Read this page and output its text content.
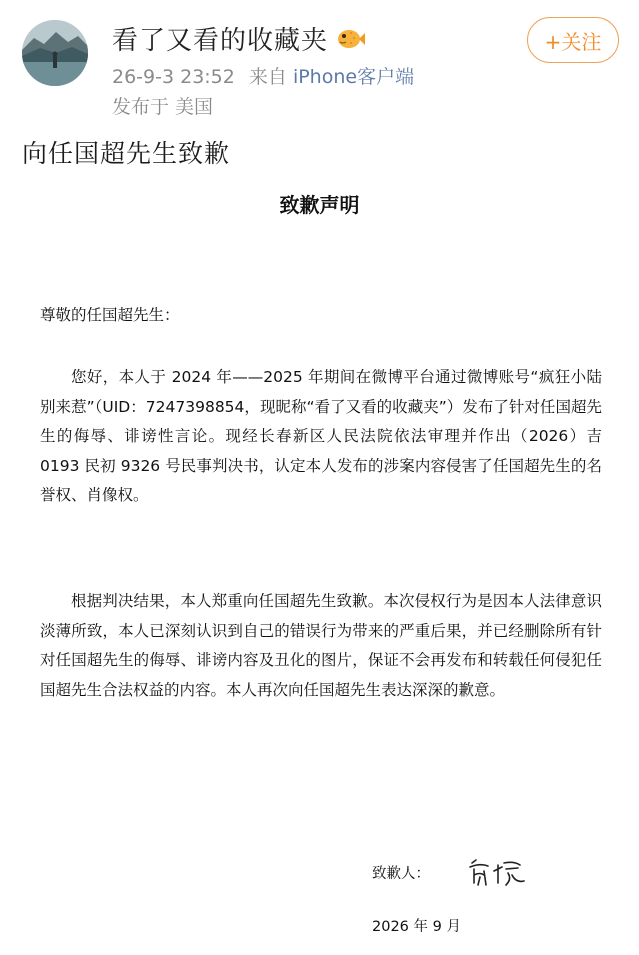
看了又看的收藏夹
26-9-3 23:52 来自 iPhone客户端
发布于 美国
+关注
向任国超先生致歉
致歉声明
尊敬的任国超先生：

您好，本人于 2024 年——2025 年期间在微博平台通过微博账号“疯狂小陆别来惹”（UID：7247398854，现昵称“看了又看的收藏夹”）发布了针对任国超先生的侮辱、诽谤性言论。现经长春新区人民法院依法审理并作出（2026）吉 0193 民初 9326 号民事判决书，认定本人发布的涉案内容侵害了任国超先生的名誉权、肖像权。

根据判决结果，本人郑重向任国超先生致歉。本次侵权行为是因本人法律意识淡薄所致，本人已深刻认识到自己的错误行为带来的严重后果，并已经删除所有针对任国超先生的侮辱、诽谤内容及丑化的图片，保证不会再发布和转载任何侵犯任国超先生合法权益的内容。本人再次向任国超先生表达深深的歉意。

致歉人：
2026 年 9 月
